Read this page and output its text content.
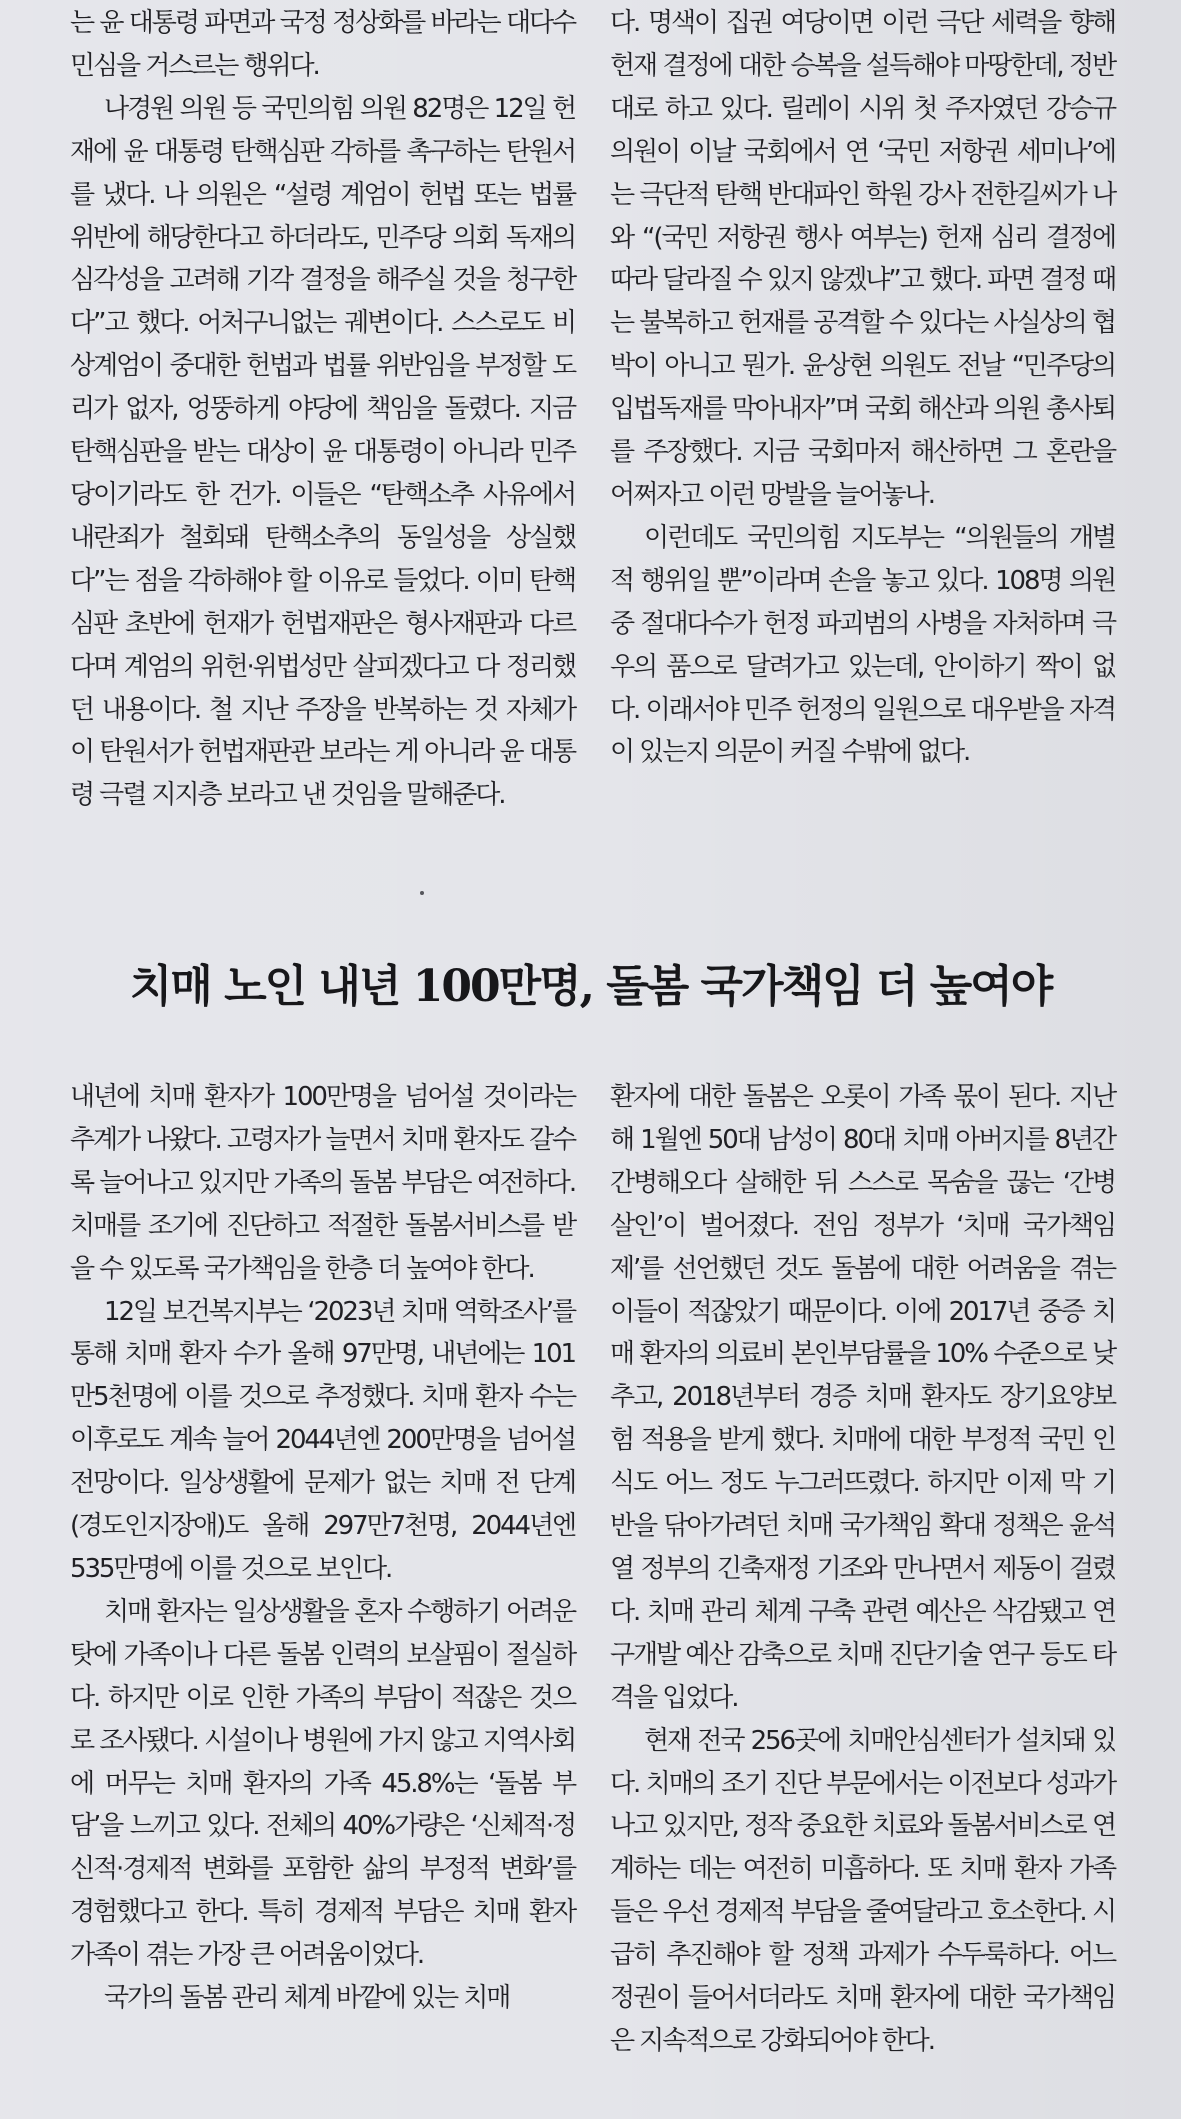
는 윤 대통령 파면과 국정 정상화를 바라는 대다수 민심을 거스르는 행위다.

나경원 의원 등 국민의힘 의원 82명은 12일 헌재에 윤 대통령 탄핵심판 각하를 촉구하는 탄원서를 냈다. 나 의원은 “설령 계엄이 헌법 또는 법률 위반에 해당한다고 하더라도, 민주당 의회 독재의 심각성을 고려해 기각 결정을 해주실 것을 청구한다”고 했다. 어처구니없는 궤변이다. 스스로도 비상계엄이 중대한 헌법과 법률 위반임을 부정할 도리가 없자, 엉뚱하게 야당에 책임을 돌렸다. 지금 탄핵심판을 받는 대상이 윤 대통령이 아니라 민주당이기라도 한 건가. 이들은 “탄핵소추 사유에서 내란죄가 철회돼 탄핵소추의 동일성을 상실했다”는 점을 각하해야 할 이유로 들었다. 이미 탄핵심판 초반에 헌재가 헌법재판은 형사재판과 다르다며 계엄의 위헌·위법성만 살피겠다고 다 정리했던 내용이다. 철 지난 주장을 반복하는 것 자체가 이 탄원서가 헌법재판관 보라는 게 아니라 윤 대통령 극렬 지지층 보라고 낸 것임을 말해준다.

다. 명색이 집권 여당이면 이런 극단 세력을 향해 헌재 결정에 대한 승복을 설득해야 마땅한데, 정반대로 하고 있다. 릴레이 시위 첫 주자였던 강승규 의원이 이날 국회에서 연 ‘국민 저항권 세미나’에는 극단적 탄핵 반대파인 학원 강사 전한길씨가 나와 “(국민 저항권 행사 여부는) 헌재 심리 결정에 따라 달라질 수 있지 않겠냐”고 했다. 파면 결정 때는 불복하고 헌재를 공격할 수 있다는 사실상의 협박이 아니고 뭔가. 윤상현 의원도 전날 “민주당의 입법독재를 막아내자”며 국회 해산과 의원 총사퇴를 주장했다. 지금 국회마저 해산하면 그 혼란을 어쩌자고 이런 망발을 늘어놓나.

이런데도 국민의힘 지도부는 “의원들의 개별적 행위일 뿐”이라며 손을 놓고 있다. 108명 의원 중 절대다수가 헌정 파괴범의 사병을 자처하며 극우의 품으로 달려가고 있는데, 안이하기 짝이 없다. 이래서야 민주 헌정의 일원으로 대우받을 자격이 있는지 의문이 커질 수밖에 없다.

치매 노인 내년 100만명, 돌봄 국가책임 더 높여야

내년에 치매 환자가 100만명을 넘어설 것이라는 추계가 나왔다. 고령자가 늘면서 치매 환자도 갈수록 늘어나고 있지만 가족의 돌봄 부담은 여전하다. 치매를 조기에 진단하고 적절한 돌봄서비스를 받을 수 있도록 국가책임을 한층 더 높여야 한다.

12일 보건복지부는 ‘2023년 치매 역학조사’를 통해 치매 환자 수가 올해 97만명, 내년에는 101만5천명에 이를 것으로 추정했다. 치매 환자 수는 이후로도 계속 늘어 2044년엔 200만명을 넘어설 전망이다. 일상생활에 문제가 없는 치매 전 단계(경도인지장애)도 올해 297만7천명, 2044년엔 535만명에 이를 것으로 보인다.

치매 환자는 일상생활을 혼자 수행하기 어려운 탓에 가족이나 다른 돌봄 인력의 보살핌이 절실하다. 하지만 이로 인한 가족의 부담이 적잖은 것으로 조사됐다. 시설이나 병원에 가지 않고 지역사회에 머무는 치매 환자의 가족 45.8%는 ‘돌봄 부담’을 느끼고 있다. 전체의 40%가량은 ‘신체적·정신적·경제적 변화를 포함한 삶의 부정적 변화’를 경험했다고 한다. 특히 경제적 부담은 치매 환자 가족이 겪는 가장 큰 어려움이었다.

국가의 돌봄 관리 체계 바깥에 있는 치매

환자에 대한 돌봄은 오롯이 가족 몫이 된다. 지난해 1월엔 50대 남성이 80대 치매 아버지를 8년간 간병해오다 살해한 뒤 스스로 목숨을 끊는 ‘간병 살인’이 벌어졌다. 전임 정부가 ‘치매 국가책임제’를 선언했던 것도 돌봄에 대한 어려움을 겪는 이들이 적잖았기 때문이다. 이에 2017년 중증 치매 환자의 의료비 본인부담률을 10% 수준으로 낮추고, 2018년부터 경증 치매 환자도 장기요양보험 적용을 받게 했다. 치매에 대한 부정적 국민 인식도 어느 정도 누그러뜨렸다. 하지만 이제 막 기반을 닦아가려던 치매 국가책임 확대 정책은 윤석열 정부의 긴축재정 기조와 만나면서 제동이 걸렸다. 치매 관리 체계 구축 관련 예산은 삭감됐고 연구개발 예산 감축으로 치매 진단기술 연구 등도 타격을 입었다.

현재 전국 256곳에 치매안심센터가 설치돼 있다. 치매의 조기 진단 부문에서는 이전보다 성과가 나고 있지만, 정작 중요한 치료와 돌봄서비스로 연계하는 데는 여전히 미흡하다. 또 치매 환자 가족들은 우선 경제적 부담을 줄여달라고 호소한다. 시급히 추진해야 할 정책 과제가 수두룩하다. 어느 정권이 들어서더라도 치매 환자에 대한 국가책임은 지속적으로 강화되어야 한다.
